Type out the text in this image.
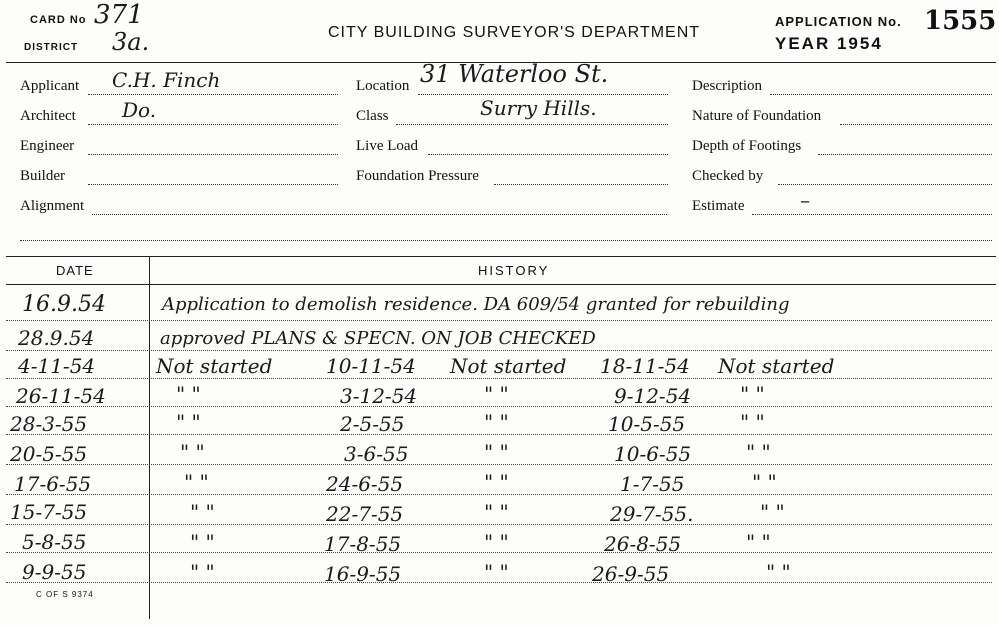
CARD No 371
DISTRICT 3a.	CITY BUILDING SURVEYOR'S DEPARTMENT
APPLICATION No. 1555
YEAR 1954
Applicant C.H. Finch
Architect Do.
Engineer
Builder
Alignment
Location 31 Waterloo St.
Class	Surry Hills.
Live Load
Foundation Pressure
Description
Nature of Foundation
Depth of Footings
Checked by
Estimate	–
DATE	HISTORY
16.9.54	Application to demolish residence. DA 609/54 granted for rebuilding
28.9.54	approved PLANS & SPECN. ON JOB CHECKED
4-11-54	Not started	10-11-54 Not started 18-11-54 Not started
26-11-54	" "	3-12-54	" "	9-12-54 " "
28-3-55	" "	2-5-55	" "	10-5-55	" "
20-5-55	" "	3-6-55	" "	10-6-55	" "
17-6-55	" "	24-6-55	" "	1-7-55	" "
15-7-55	" "	22-7-55	" "	29-7-55.	" "
5-8-55	" "	17-8-55	" "	26-8-55	" "
9-9-55	" "	16-9-55	" "	26-9-55	" "
C OF S 9374
